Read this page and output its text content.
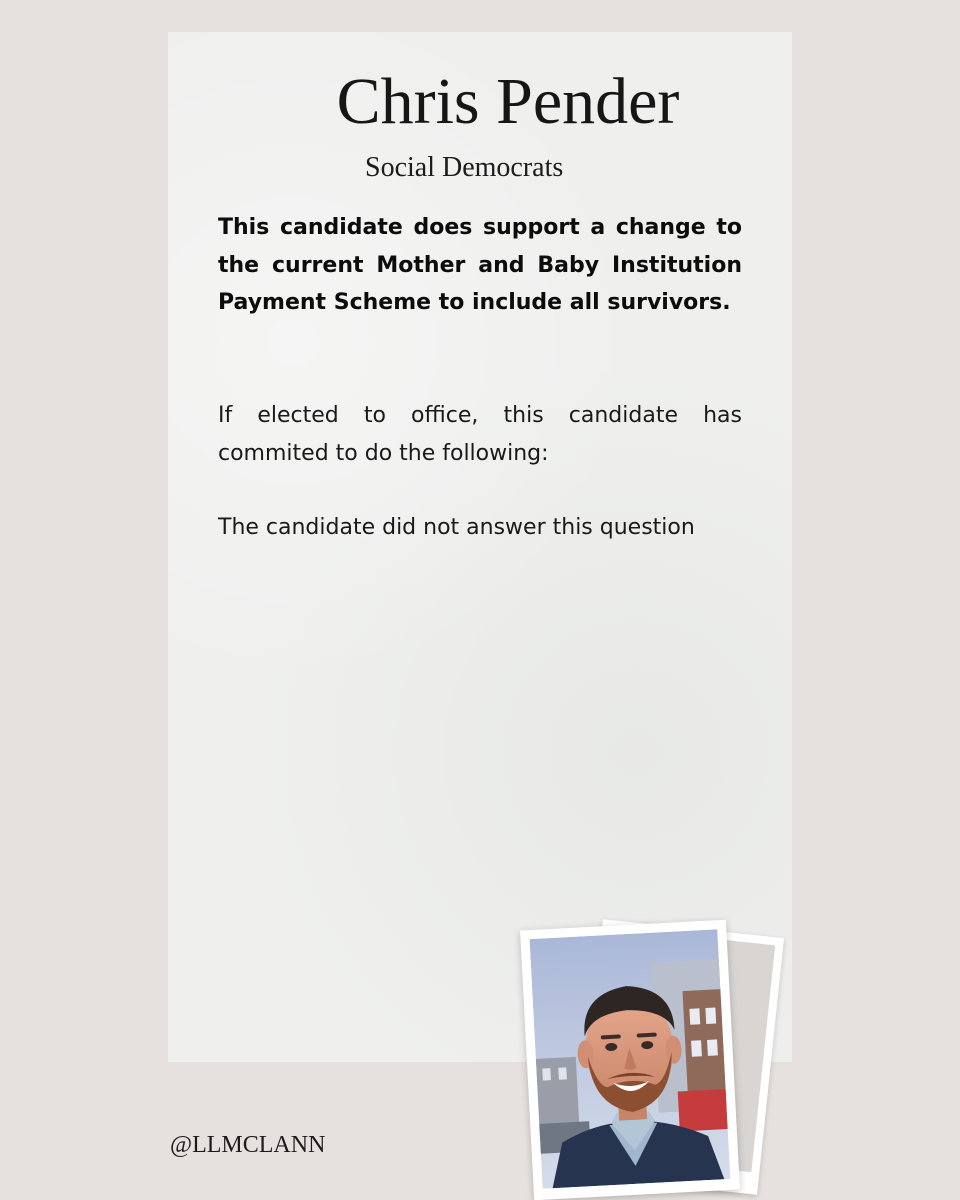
Chris Pender

Social Democrats

This candidate does support a change to the current Mother and Baby Institution Payment Scheme to include all survivors.

If elected to office, this candidate has commited to do the following:

The candidate did not answer this question

@LLMCLANN
